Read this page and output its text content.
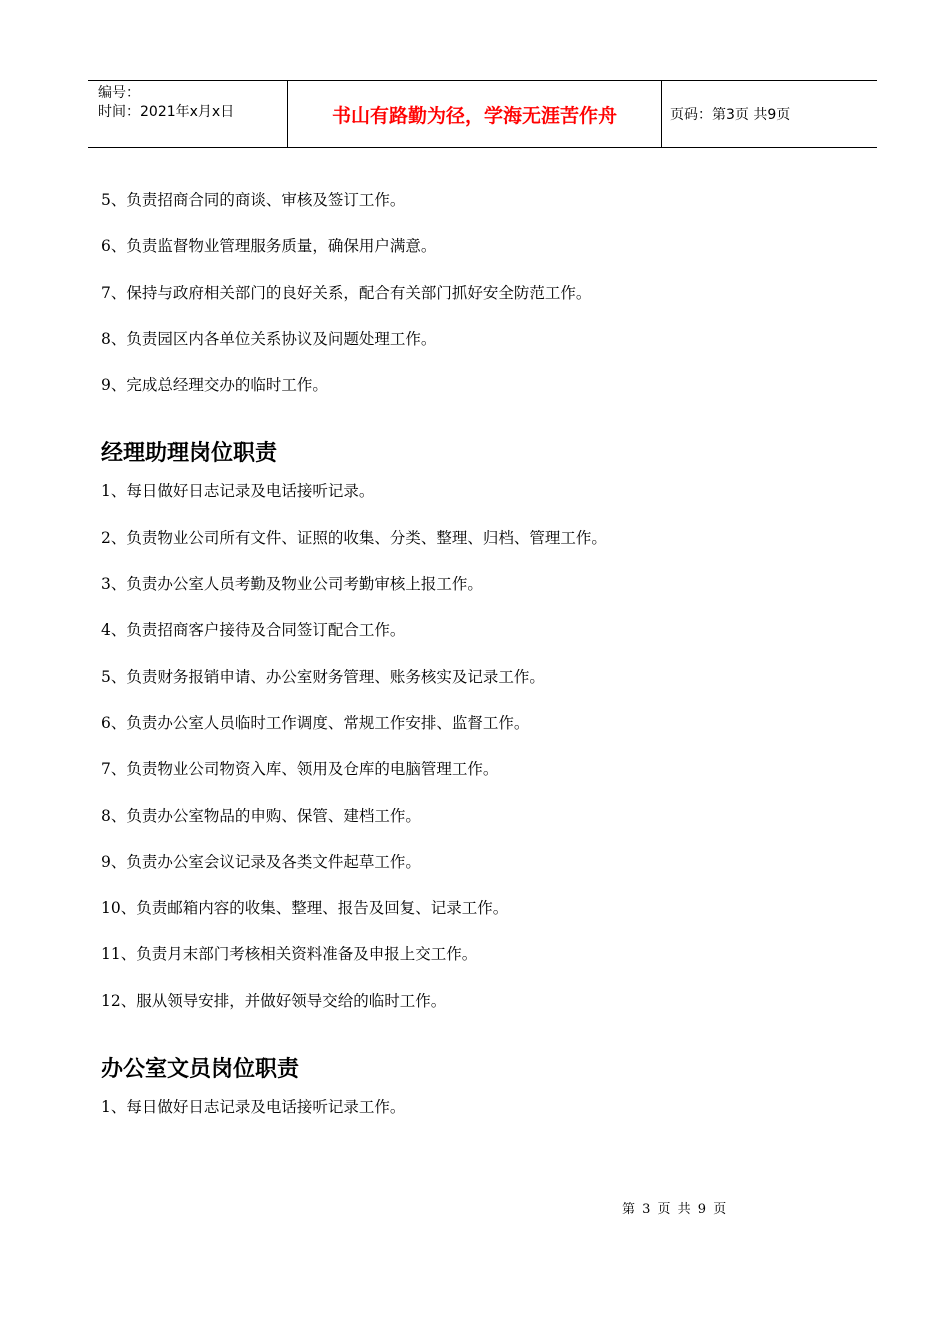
编号：
时间：2021年x月x日	书山有路勤为径，学海无涯苦作舟	页码：第3页 共9页
5、负责招商合同的商谈、审核及签订工作。
6、负责监督物业管理服务质量，确保用户满意。
7、保持与政府相关部门的良好关系，配合有关部门抓好安全防范工作。
8、负责园区内各单位关系协议及问题处理工作。
9、完成总经理交办的临时工作。
经理助理岗位职责
1、每日做好日志记录及电话接听记录。
2、负责物业公司所有文件、证照的收集、分类、整理、归档、管理工作。
3、负责办公室人员考勤及物业公司考勤审核上报工作。
4、负责招商客户接待及合同签订配合工作。
5、负责财务报销申请、办公室财务管理、账务核实及记录工作。
6、负责办公室人员临时工作调度、常规工作安排、监督工作。
7、负责物业公司物资入库、领用及仓库的电脑管理工作。
8、负责办公室物品的申购、保管、建档工作。
9、负责办公室会议记录及各类文件起草工作。
10、负责邮箱内容的收集、整理、报告及回复、记录工作。
11、负责月末部门考核相关资料准备及申报上交工作。
12、服从领导安排，并做好领导交给的临时工作。
办公室文员岗位职责
1、每日做好日志记录及电话接听记录工作。
第 3 页 共 9 页
